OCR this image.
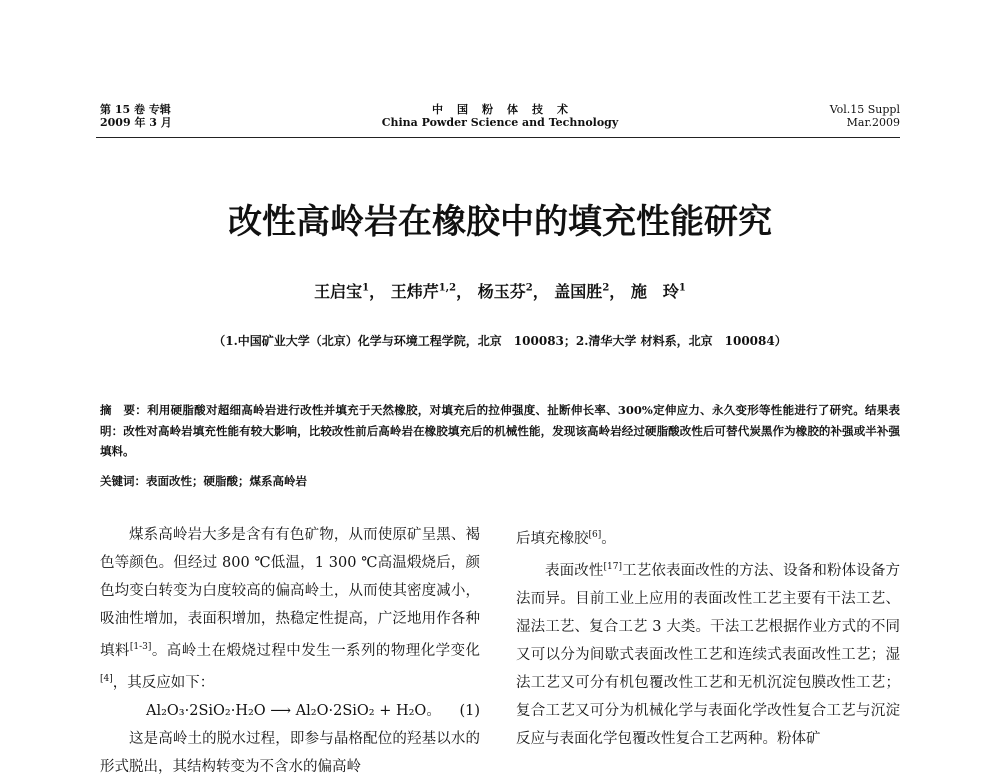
第 15 卷 专辑
2009 年 3 月
中国粉体技术
China Powder Science and Technology
Vol.15 Suppl
Mar.2009
改性高岭岩在橡胶中的填充性能研究
王启宝$^1$， 王炜芹$^{1,2}$， 杨玉芬$^2$， 盖国胜$^2$， 施　玲$^1$
（1.中国矿业大学（北京）化学与环境工程学院，北京　100083；2.清华大学 材料系，北京　100084）
摘　要：利用硬脂酸对超细高岭岩进行改性并填充于天然橡胶，对填充后的拉伸强度、扯断伸长率、300%定伸应力、永久变形等性能进行了研究。结果表明：改性对高岭岩填充性能有较大影响，比较改性前后高岭岩在橡胶填充后的机械性能，发现该高岭岩经过硬脂酸改性后可替代炭黑作为橡胶的补强或半补强填料。
关键词：表面改性；硬脂酸；煤系高岭岩

煤系高岭岩大多是含有有色矿物，从而使原矿呈黑、褐色等颜色。但经过 800 ℃低温，1 300 ℃高温煅烧后，颜色均变白转变为白度较高的偏高岭土，从而使其密度减小，吸油性增加，表面积增加，热稳定性提高，广泛地用作各种填料[1-3]。高岭土在煅烧过程中发生一系列的物理化学变化[4]，其反应如下：

Al₂O₃·2SiO₂·H₂O ⟶ Al₂O·2SiO₂ + H₂O。 (1)

这是高岭土的脱水过程，即参与晶格配位的羟基以水的形式脱出，其结构转变为不含水的偏高岭

后填充橡胶[6]。

表面改性[17]工艺依表面改性的方法、设备和粉体设备方法而异。目前工业上应用的表面改性工艺主要有干法工艺、湿法工艺、复合工艺 3 大类。干法工艺根据作业方式的不同又可以分为间歇式表面改性工艺和连续式表面改性工艺；湿法工艺又可分有机包覆改性工艺和无机沉淀包膜改性工艺；复合工艺又可分为机械化学与表面化学改性复合工艺与沉淀反应与表面化学包覆改性复合工艺两种。粉体矿
